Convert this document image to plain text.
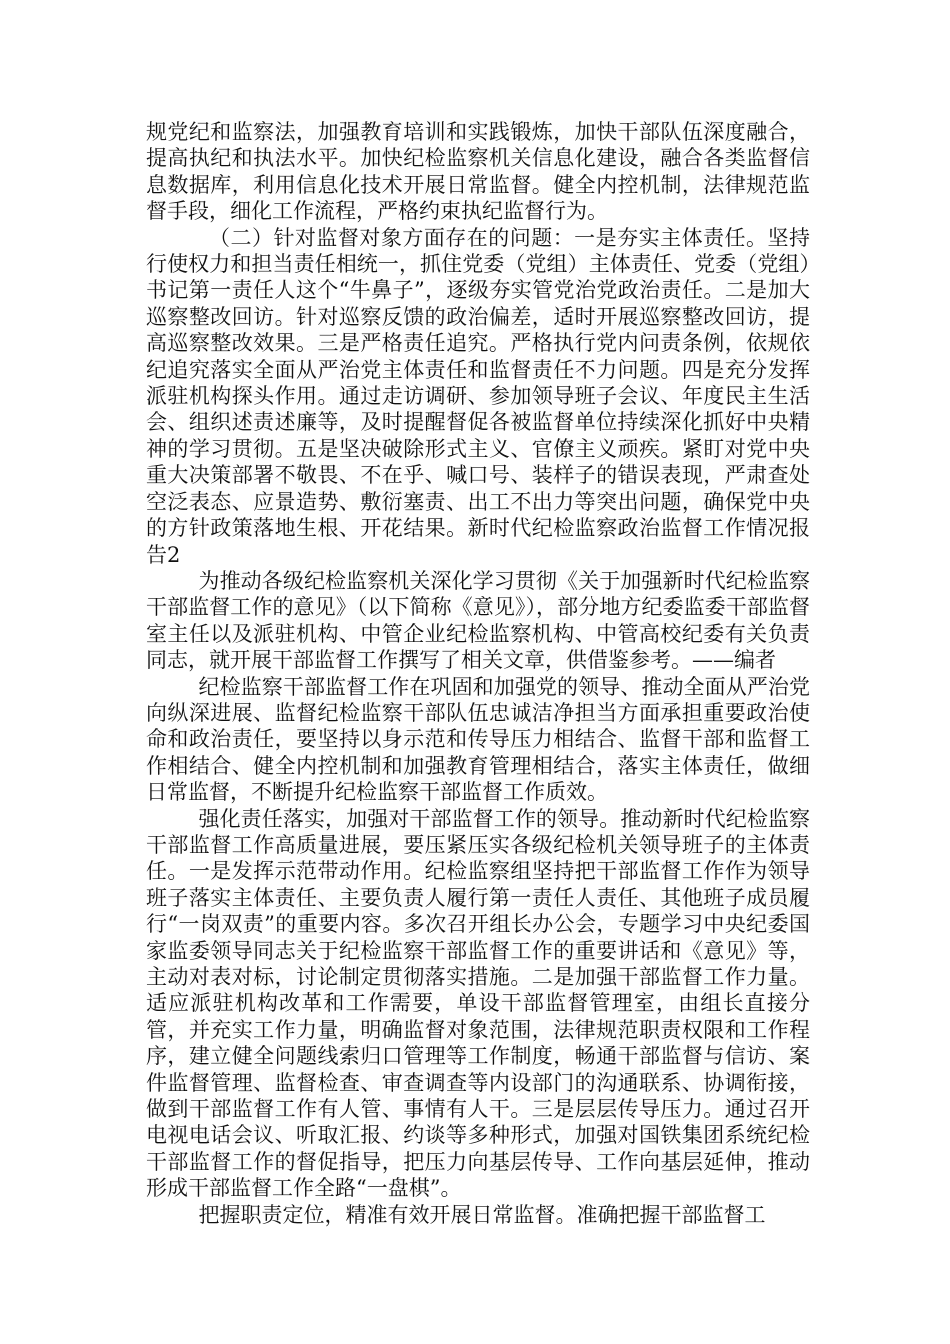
规党纪和监察法，加强教育培训和实践锻炼，加快干部队伍深度融合，提高执纪和执法水平。加快纪检监察机关信息化建设，融合各类监督信息数据库，利用信息化技术开展日常监督。健全内控机制，法律规范监督手段，细化工作流程，严格约束执纪监督行为。

（二）针对监督对象方面存在的问题：一是夯实主体责任。坚持行使权力和担当责任相统一，抓住党委（党组）主体责任、党委（党组）书记第一责任人这个“牛鼻子”，逐级夯实管党治党政治责任。二是加大巡察整改回访。针对巡察反馈的政治偏差，适时开展巡察整改回访，提高巡察整改效果。三是严格责任追究。严格执行党内问责条例，依规依纪追究落实全面从严治党主体责任和监督责任不力问题。四是充分发挥派驻机构探头作用。通过走访调研、参加领导班子会议、年度民主生活会、组织述责述廉等，及时提醒督促各被监督单位持续深化抓好中央精神的学习贯彻。五是坚决破除形式主义、官僚主义顽疾。紧盯对党中央重大决策部署不敬畏、不在乎、喊口号、装样子的错误表现，严肃查处空泛表态、应景造势、敷衍塞责、出工不出力等突出问题，确保党中央的方针政策落地生根、开花结果。新时代纪检监察政治监督工作情况报告2

为推动各级纪检监察机关深化学习贯彻《关于加强新时代纪检监察干部监督工作的意见》（以下简称《意见》），部分地方纪委监委干部监督室主任以及派驻机构、中管企业纪检监察机构、中管高校纪委有关负责同志，就开展干部监督工作撰写了相关文章，供借鉴参考。——编者

纪检监察干部监督工作在巩固和加强党的领导、推动全面从严治党向纵深进展、监督纪检监察干部队伍忠诚洁净担当方面承担重要政治使命和政治责任，要坚持以身示范和传导压力相结合、监督干部和监督工作相结合、健全内控机制和加强教育管理相结合，落实主体责任，做细日常监督，不断提升纪检监察干部监督工作质效。

强化责任落实，加强对干部监督工作的领导。推动新时代纪检监察干部监督工作高质量进展，要压紧压实各级纪检机关领导班子的主体责任。一是发挥示范带动作用。纪检监察组坚持把干部监督工作作为领导班子落实主体责任、主要负责人履行第一责任人责任、其他班子成员履行“一岗双责”的重要内容。多次召开组长办公会，专题学习中央纪委国家监委领导同志关于纪检监察干部监督工作的重要讲话和《意见》等，主动对表对标，讨论制定贯彻落实措施。二是加强干部监督工作力量。适应派驻机构改革和工作需要，单设干部监督管理室，由组长直接分管，并充实工作力量，明确监督对象范围，法律规范职责权限和工作程序，建立健全问题线索归口管理等工作制度，畅通干部监督与信访、案件监督管理、监督检查、审查调查等内设部门的沟通联系、协调衔接，做到干部监督工作有人管、事情有人干。三是层层传导压力。通过召开电视电话会议、听取汇报、约谈等多种形式，加强对国铁集团系统纪检干部监督工作的督促指导，把压力向基层传导、工作向基层延伸，推动形成干部监督工作全路“一盘棋”。

把握职责定位，精准有效开展日常监督。准确把握干部监督工
